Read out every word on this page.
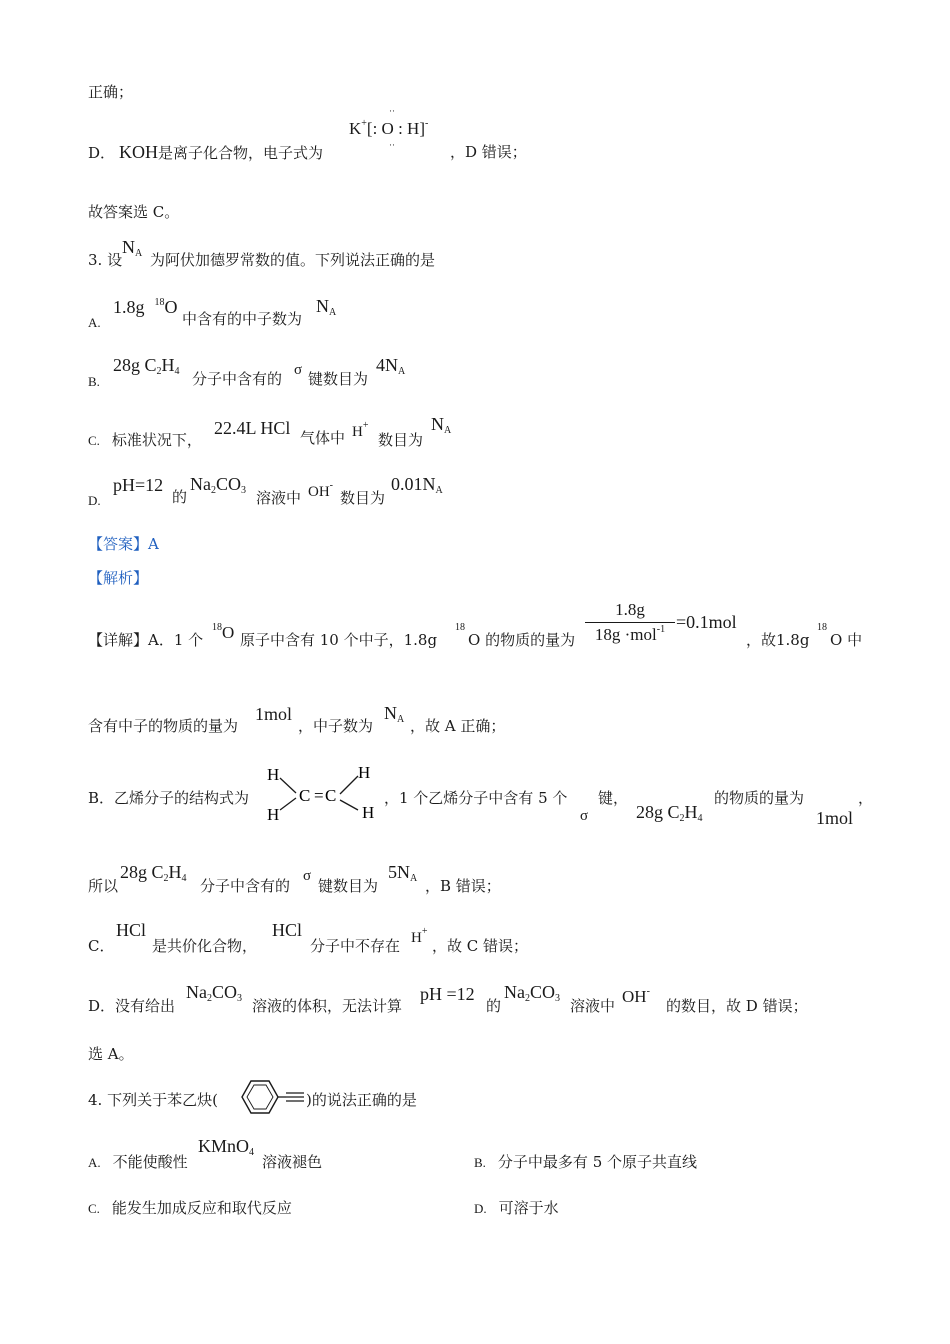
正确；
D． KOH是离子化合物，电子式为
K+[: O : H]-
··
··	，D 错误；
故答案选 C。
3. 设
$N_A$ 为阿伏加德罗常数的值。下列说法正确的是
A.
1.8g $^{18}$O
中含有的中子数为
$N_A$
B.
28g $C_2H_4$ 分子中含有的 σ 键数目为
$4N_A$
C. 标准状况下，
22.4L HCl 气体中 H+
数目为
$N_A$
D.
pH=12
的
$Na_2CO_3$ 溶液中 OH-
数目为
$0.01N_A$
【答案】A
【解析】
【详解】A．1 个
$^{18}$O 原子中含有 10 个中子，1.8g
18
O 的物质的量为
1.8g
18g ·mol$^{-1}$ =0.1mol
，故1.8g
18
O 中
含有中子的物质的量为
1mol
，中子数为
$N_A$ ，故 A 正确；
B．乙烯分子的结构式为
H
H
C = C
H
H
，1 个乙烯分子中含有 5 个
σ
键，
28g $C_2H_4$
的物质的量为
1mol
，
所以
28g $C_2H_4$ 分子中含有的
σ
键数目为
$5N_A$ ，B 错误；
C．
HCl
是共价化合物，
HCl
分子中不存在 H+
，故 C 错误；
D．没有给出
$Na_2CO_3$ 溶液的体积，无法计算
pH =12
的
$Na_2CO_3$ 溶液中 OH-
的数目，故 D 错误；
选 A。
4. 下列关于苯乙炔(	)的说法正确的是
A. 不能使酸性
KMnO$_4$
溶液褪色	B. 分子中最多有 5 个原子共直线
C. 能发生加成反应和取代反应	D. 可溶于水
